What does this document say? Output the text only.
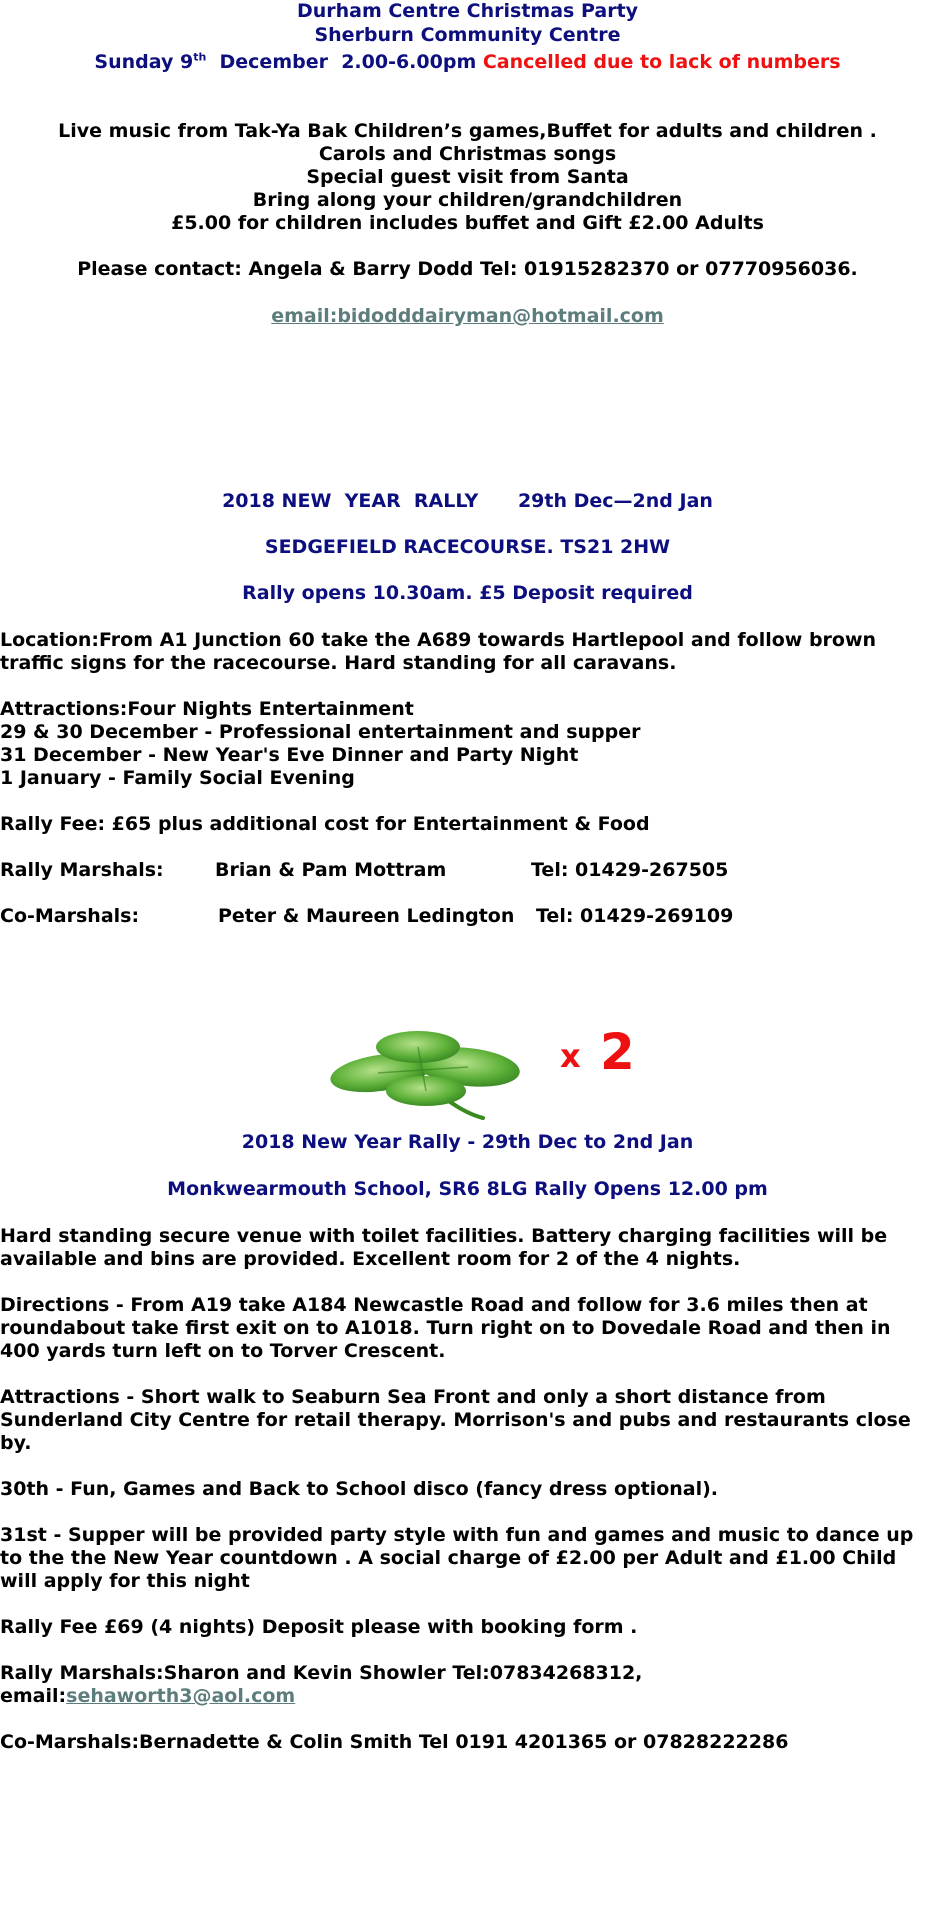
Durham Centre Christmas Party
Sherburn Community Centre
Sunday 9th  December  2.00-6.00pm Cancelled due to lack of numbers
Live music from Tak-Ya Bak Children’s games,Buffet for adults and children .
Carols and Christmas songs
Special guest visit from Santa
Bring along your children/grandchildren
£5.00 for children includes buffet and Gift £2.00 Adults
Please contact: Angela & Barry Dodd Tel: 01915282370 or 07770956036.
email:bidodddairyman@hotmail.com
2018 NEW  YEAR  RALLY      29th Dec—2nd Jan
SEDGEFIELD RACECOURSE. TS21 2HW
Rally opens 10.30am. £5 Deposit required
Location:From A1 Junction 60 take the A689 towards Hartlepool and follow brown
traffic signs for the racecourse. Hard standing for all caravans.
Attractions:Four Nights Entertainment
29 & 30 December - Professional entertainment and supper
31 December - New Year's Eve Dinner and Party Night
1 January - Family Social Evening
Rally Fee: £65 plus additional cost for Entertainment & Food
Rally Marshals:	Brian & Pam Mottram	Tel: 01429-267505
Co-Marshals:	Peter & Maureen Ledington Tel: 01429-269109
x 2
2018 New Year Rally - 29th Dec to 2nd Jan
Monkwearmouth School, SR6 8LG Rally Opens 12.00 pm
Hard standing secure venue with toilet facilities. Battery charging facilities will be
available and bins are provided. Excellent room for 2 of the 4 nights.
Directions - From A19 take A184 Newcastle Road and follow for 3.6 miles then at
roundabout take first exit on to A1018. Turn right on to Dovedale Road and then in
400 yards turn left on to Torver Crescent.
Attractions - Short walk to Seaburn Sea Front and only a short distance from
Sunderland City Centre for retail therapy. Morrison's and pubs and restaurants close
by.
30th - Fun, Games and Back to School disco (fancy dress optional).
31st - Supper will be provided party style with fun and games and music to dance up
to the the New Year countdown . A social charge of £2.00 per Adult and £1.00 Child
will apply for this night
Rally Fee £69 (4 nights) Deposit please with booking form .
Rally Marshals:Sharon and Kevin Showler Tel:07834268312,
email:sehaworth3@aol.com
Co-Marshals:Bernadette & Colin Smith Tel 0191 4201365 or 07828222286
